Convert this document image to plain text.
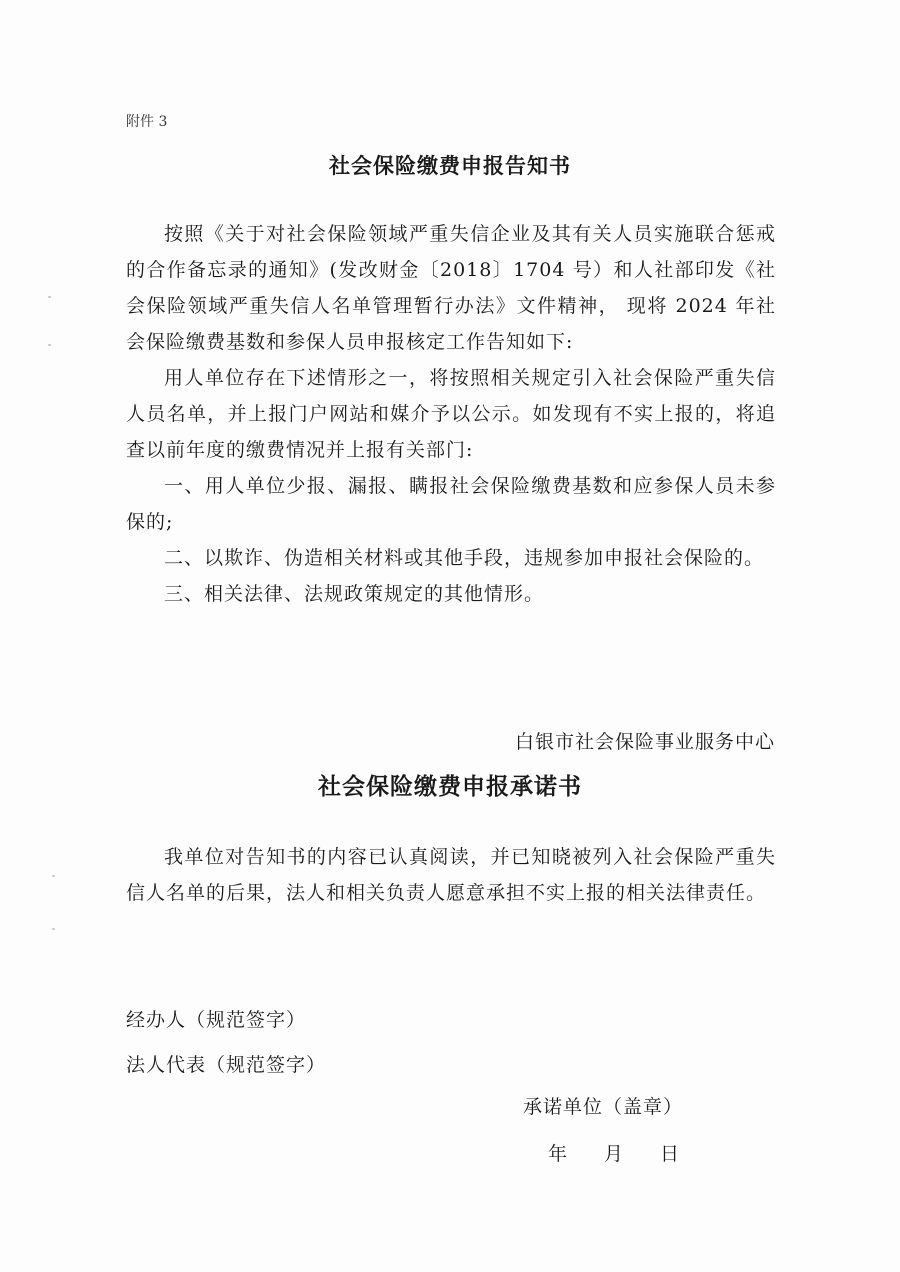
附件 3
社会保险缴费申报告知书

按照《关于对社会保险领域严重失信企业及其有关人员实施联合惩戒的合作备忘录的通知》(发改财金〔2018〕1704 号）和人社部印发《社会保险领域严重失信人名单管理暂行办法》文件精神， 现将 2024 年社会保险缴费基数和参保人员申报核定工作告知如下:

用人单位存在下述情形之一，将按照相关规定引入社会保险严重失信人员名单，并上报门户网站和媒介予以公示。如发现有不实上报的，将追查以前年度的缴费情况并上报有关部门:

一、用人单位少报、漏报、瞒报社会保险缴费基数和应参保人员未参保的;

二、以欺诈、伪造相关材料或其他手段，违规参加申报社会保险的。

三、相关法律、法规政策规定的其他情形。

白银市社会保险事业服务中心
社会保险缴费申报承诺书

我单位对告知书的内容已认真阅读，并已知晓被列入社会保险严重失信人名单的后果，法人和相关负责人愿意承担不实上报的相关法律责任。

经办人（规范签字）
法人代表（规范签字）
承诺单位（盖章）
年 月 日
